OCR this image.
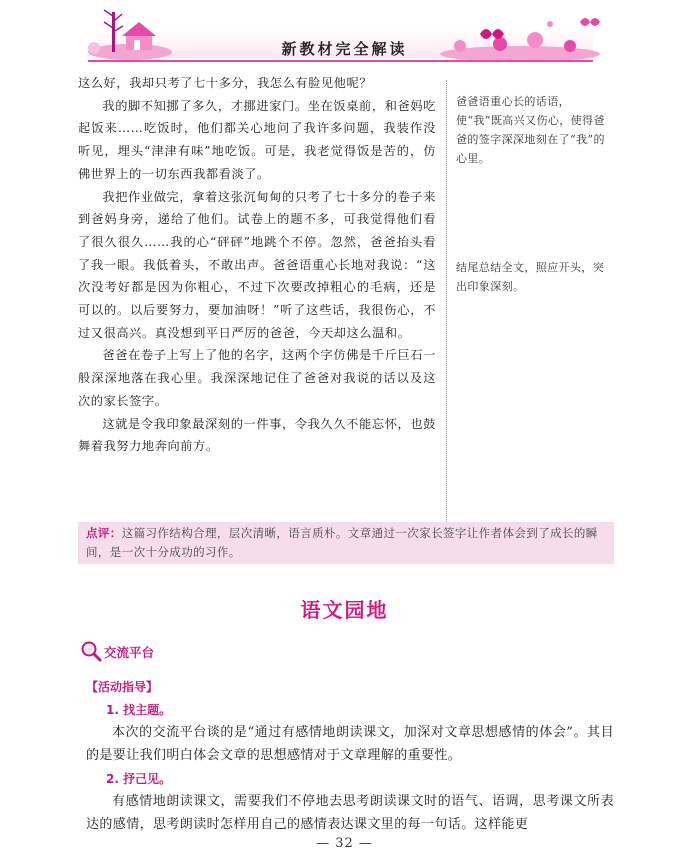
新教材完全解读

这么好，我却只考了七十多分，我怎么有脸见他呢？

我的脚不知挪了多久，才挪进家门。坐在饭桌前，和爸妈吃起饭来……吃饭时，他们都关心地问了我许多问题，我装作没听见，埋头“津津有味”地吃饭。可是，我老觉得饭是苦的，仿佛世界上的一切东西我都看淡了。

我把作业做完，拿着这张沉甸甸的只考了七十多分的卷子来到爸妈身旁，递给了他们。试卷上的题不多，可我觉得他们看了很久很久……我的心“砰砰”地跳个不停。忽然，爸爸抬头看了我一眼。我低着头，不敢出声。爸爸语重心长地对我说：“这次没考好都是因为你粗心，不过下次要改掉粗心的毛病，还是可以的。以后要努力，要加油呀！”听了这些话，我很伤心，不过又很高兴。真没想到平日严厉的爸爸，今天却这么温和。

爸爸在卷子上写上了他的名字，这两个字仿佛是千斤巨石一般深深地落在我心里。我深深地记住了爸爸对我说的话以及这次的家长签字。

这就是令我印象最深刻的一件事，令我久久不能忘怀，也鼓舞着我努力地奔向前方。

爸爸语重心长的话语，使“我”既高兴又伤心，使得爸爸的签字深深地刻在了“我”的心里。
结尾总结全文，照应开头，突出印象深刻。
点评：这篇习作结构合理，层次清晰，语言质朴。文章通过一次家长签字让作者体会到了成长的瞬间，是一次十分成功的习作。
语文园地
交流平台
【活动指导】
1. 找主题。

本次的交流平台谈的是“通过有感情地朗读课文，加深对文章思想感情的体会”。其目的是要让我们明白体会文章的思想感情对于文章理解的重要性。

2. 抒己见。

有感情地朗读课文，需要我们不停地去思考朗读课文时的语气、语调，思考课文所表达的感情，思考朗读时怎样用自己的感情表达课文里的每一句话。这样能更

— 32 —
